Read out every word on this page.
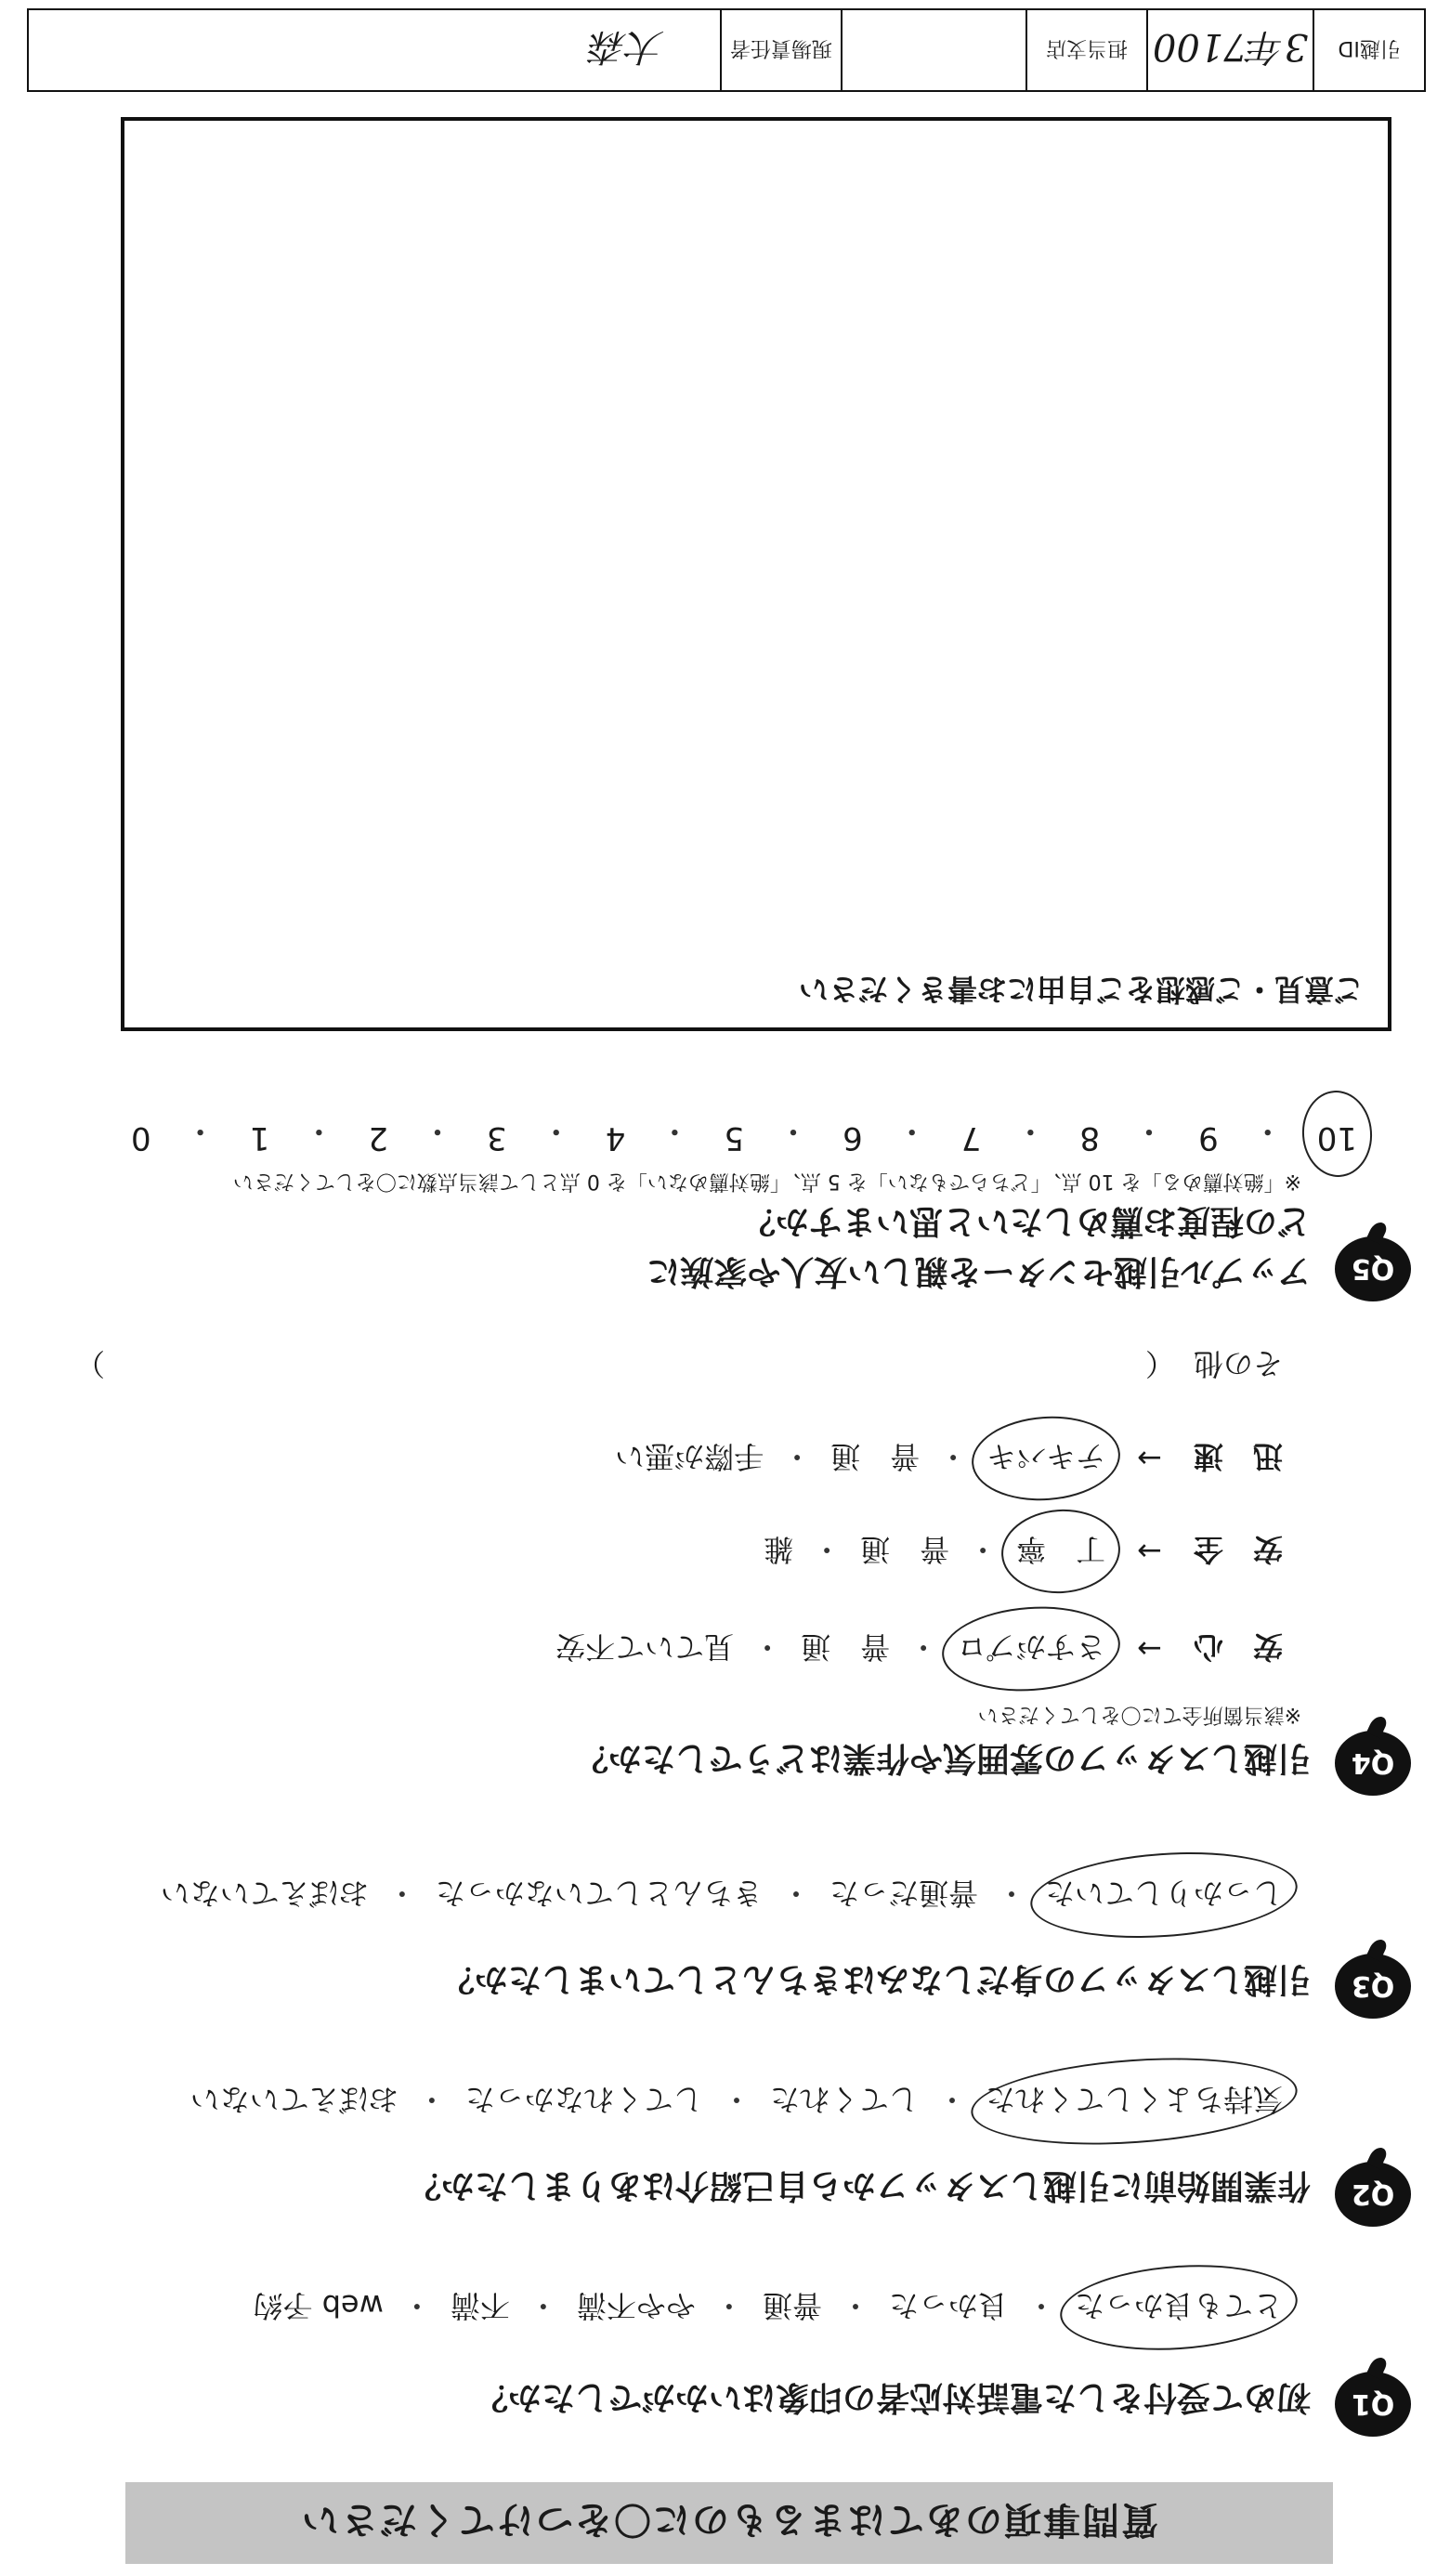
質問事項のあてはまるものに〇をつけてください
Q1
初めて受付をした電話対応者の印象はいかがでしたか？
とても良かった
・
良かった
・
普通
・
やや不満
・
不満
・
web 予約
Q2
作業開始前に引越しスタッフから自己紹介はありましたか？
気持ちよくしてくれた
・
してくれた
・
してくれなかった
・
おぼえていない
Q3
引越しスタッフの身だしなみはきちんとしていましたか？
しっかりしていた
・
普通だった
・
きちんとしていなかった
・
おぼえていない
Q4
引越しスタッフの雰囲気や作業はどうでしたか？
※該当箇所全てに〇をしてください
安　心
→
さすがプロ
・
普　通
・
見ていて不安
安　全
→
丁　寧
・
普　通
・
雑
迅　速
→
テキパキ
・
普　通
・
手際が悪い
その他
（
）
Q5
アップル引越センターを親しい友人や家族に
どの程度お薦めしたいと思いますか？
※「絶対薦める」を 10 点、「どちらでもない」を 5 点、「絶対薦めない」を 0 点として該当点数に〇をしてください
10
・
9
・
8
・
7
・
6
・
5
・
4
・
3
・
2
・
1
・
0
ご意見・ご感想をご自由にお書きください
引越ID
3年7100
担当支店
現場責任者
大森
